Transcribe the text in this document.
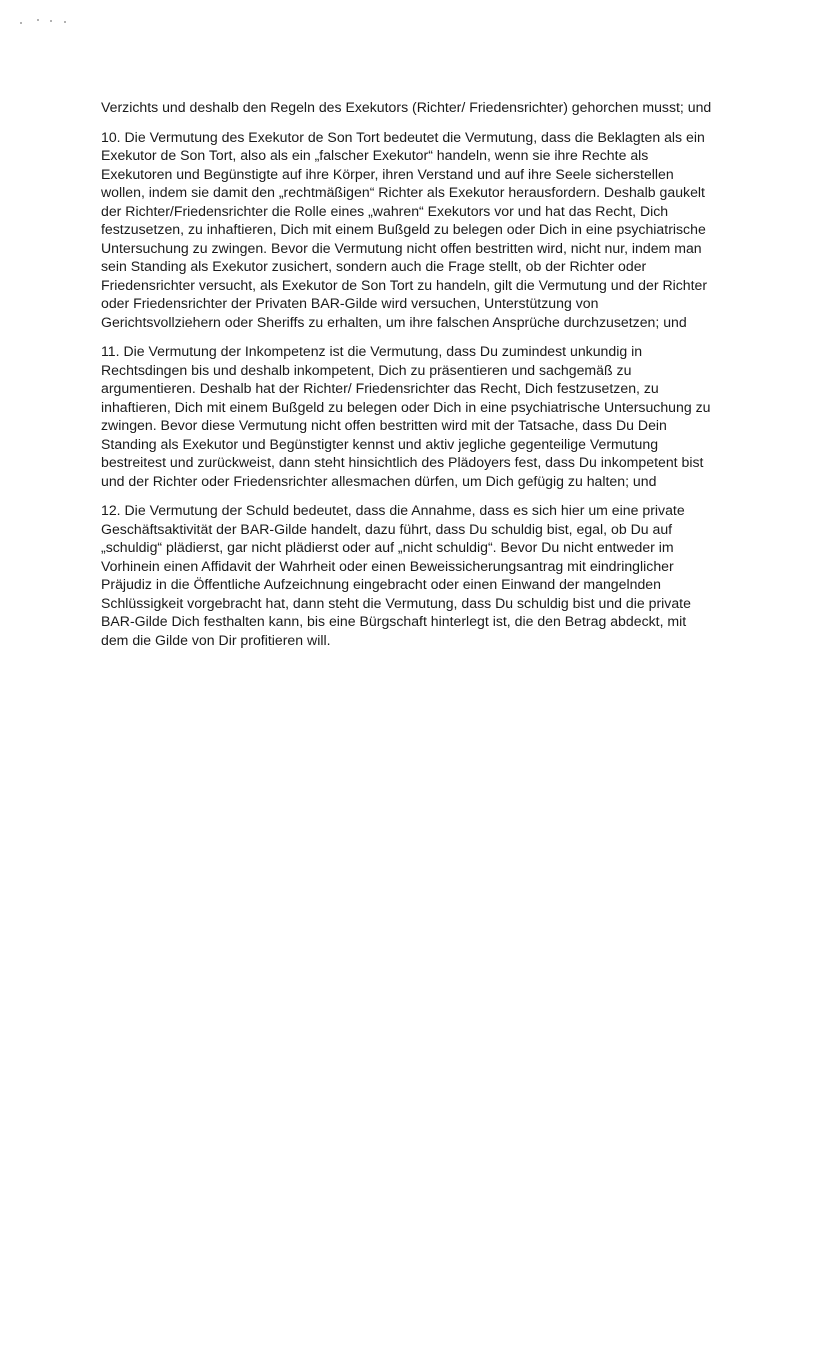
Verzichts und deshalb den Regeln des Exekutors (Richter/ Friedensrichter) gehorchen musst; und

10. Die Vermutung des Exekutor de Son Tort bedeutet die Vermutung, dass die Beklagten als ein Exekutor de Son Tort, also als ein „falscher Exekutor“ handeln, wenn sie ihre Rechte als Exekutoren und Begünstigte auf ihre Körper, ihren Verstand und auf ihre Seele sicherstellen wollen, indem sie damit den „rechtmäßigen“ Richter als Exekutor herausfordern. Deshalb gaukelt der Richter/Friedensrichter die Rolle eines „wahren“ Exekutors vor und hat das Recht, Dich festzusetzen, zu inhaftieren, Dich mit einem Bußgeld zu belegen oder Dich in eine psychiatrische Untersuchung zu zwingen. Bevor die Vermutung nicht offen bestritten wird, nicht nur, indem man sein Standing als Exekutor zusichert, sondern auch die Frage stellt, ob der Richter oder Friedensrichter versucht, als Exekutor de Son Tort zu handeln, gilt die Vermutung und der Richter oder Friedensrichter der Privaten BAR-Gilde wird versuchen, Unterstützung von Gerichtsvollziehern oder Sheriffs zu erhalten, um ihre falschen Ansprüche durchzusetzen; und

11. Die Vermutung der Inkompetenz ist die Vermutung, dass Du zumindest unkundig in Rechtsdingen bis und deshalb inkompetent, Dich zu präsentieren und sachgemäß zu argumentieren. Deshalb hat der Richter/ Friedensrichter das Recht, Dich festzusetzen, zu inhaftieren, Dich mit einem Bußgeld zu belegen oder Dich in eine psychiatrische Untersuchung zu zwingen. Bevor diese Vermutung nicht offen bestritten wird mit der Tatsache, dass Du Dein Standing als Exekutor und Begünstigter kennst und aktiv jegliche gegenteilige Vermutung bestreitest und zurückweist, dann steht hinsichtlich des Plädoyers fest, dass Du inkompetent bist und der Richter oder Friedensrichter allesmachen dürfen, um Dich gefügig zu halten; und

12. Die Vermutung der Schuld bedeutet, dass die Annahme, dass es sich hier um eine private Geschäftsaktivität der BAR-Gilde handelt, dazu führt, dass Du schuldig bist, egal, ob Du auf „schuldig“ plädierst, gar nicht plädierst oder auf „nicht schuldig“. Bevor Du nicht entweder im Vorhinein einen Affidavit der Wahrheit oder einen Beweissicherungsantrag mit eindringlicher Präjudiz in die Öffentliche Aufzeichnung eingebracht oder einen Einwand der mangelnden Schlüssigkeit vorgebracht hat, dann steht die Vermutung, dass Du schuldig bist und die private BAR-Gilde Dich festhalten kann, bis eine Bürgschaft hinterlegt ist, die den Betrag abdeckt, mit dem die Gilde von Dir profitieren will.
